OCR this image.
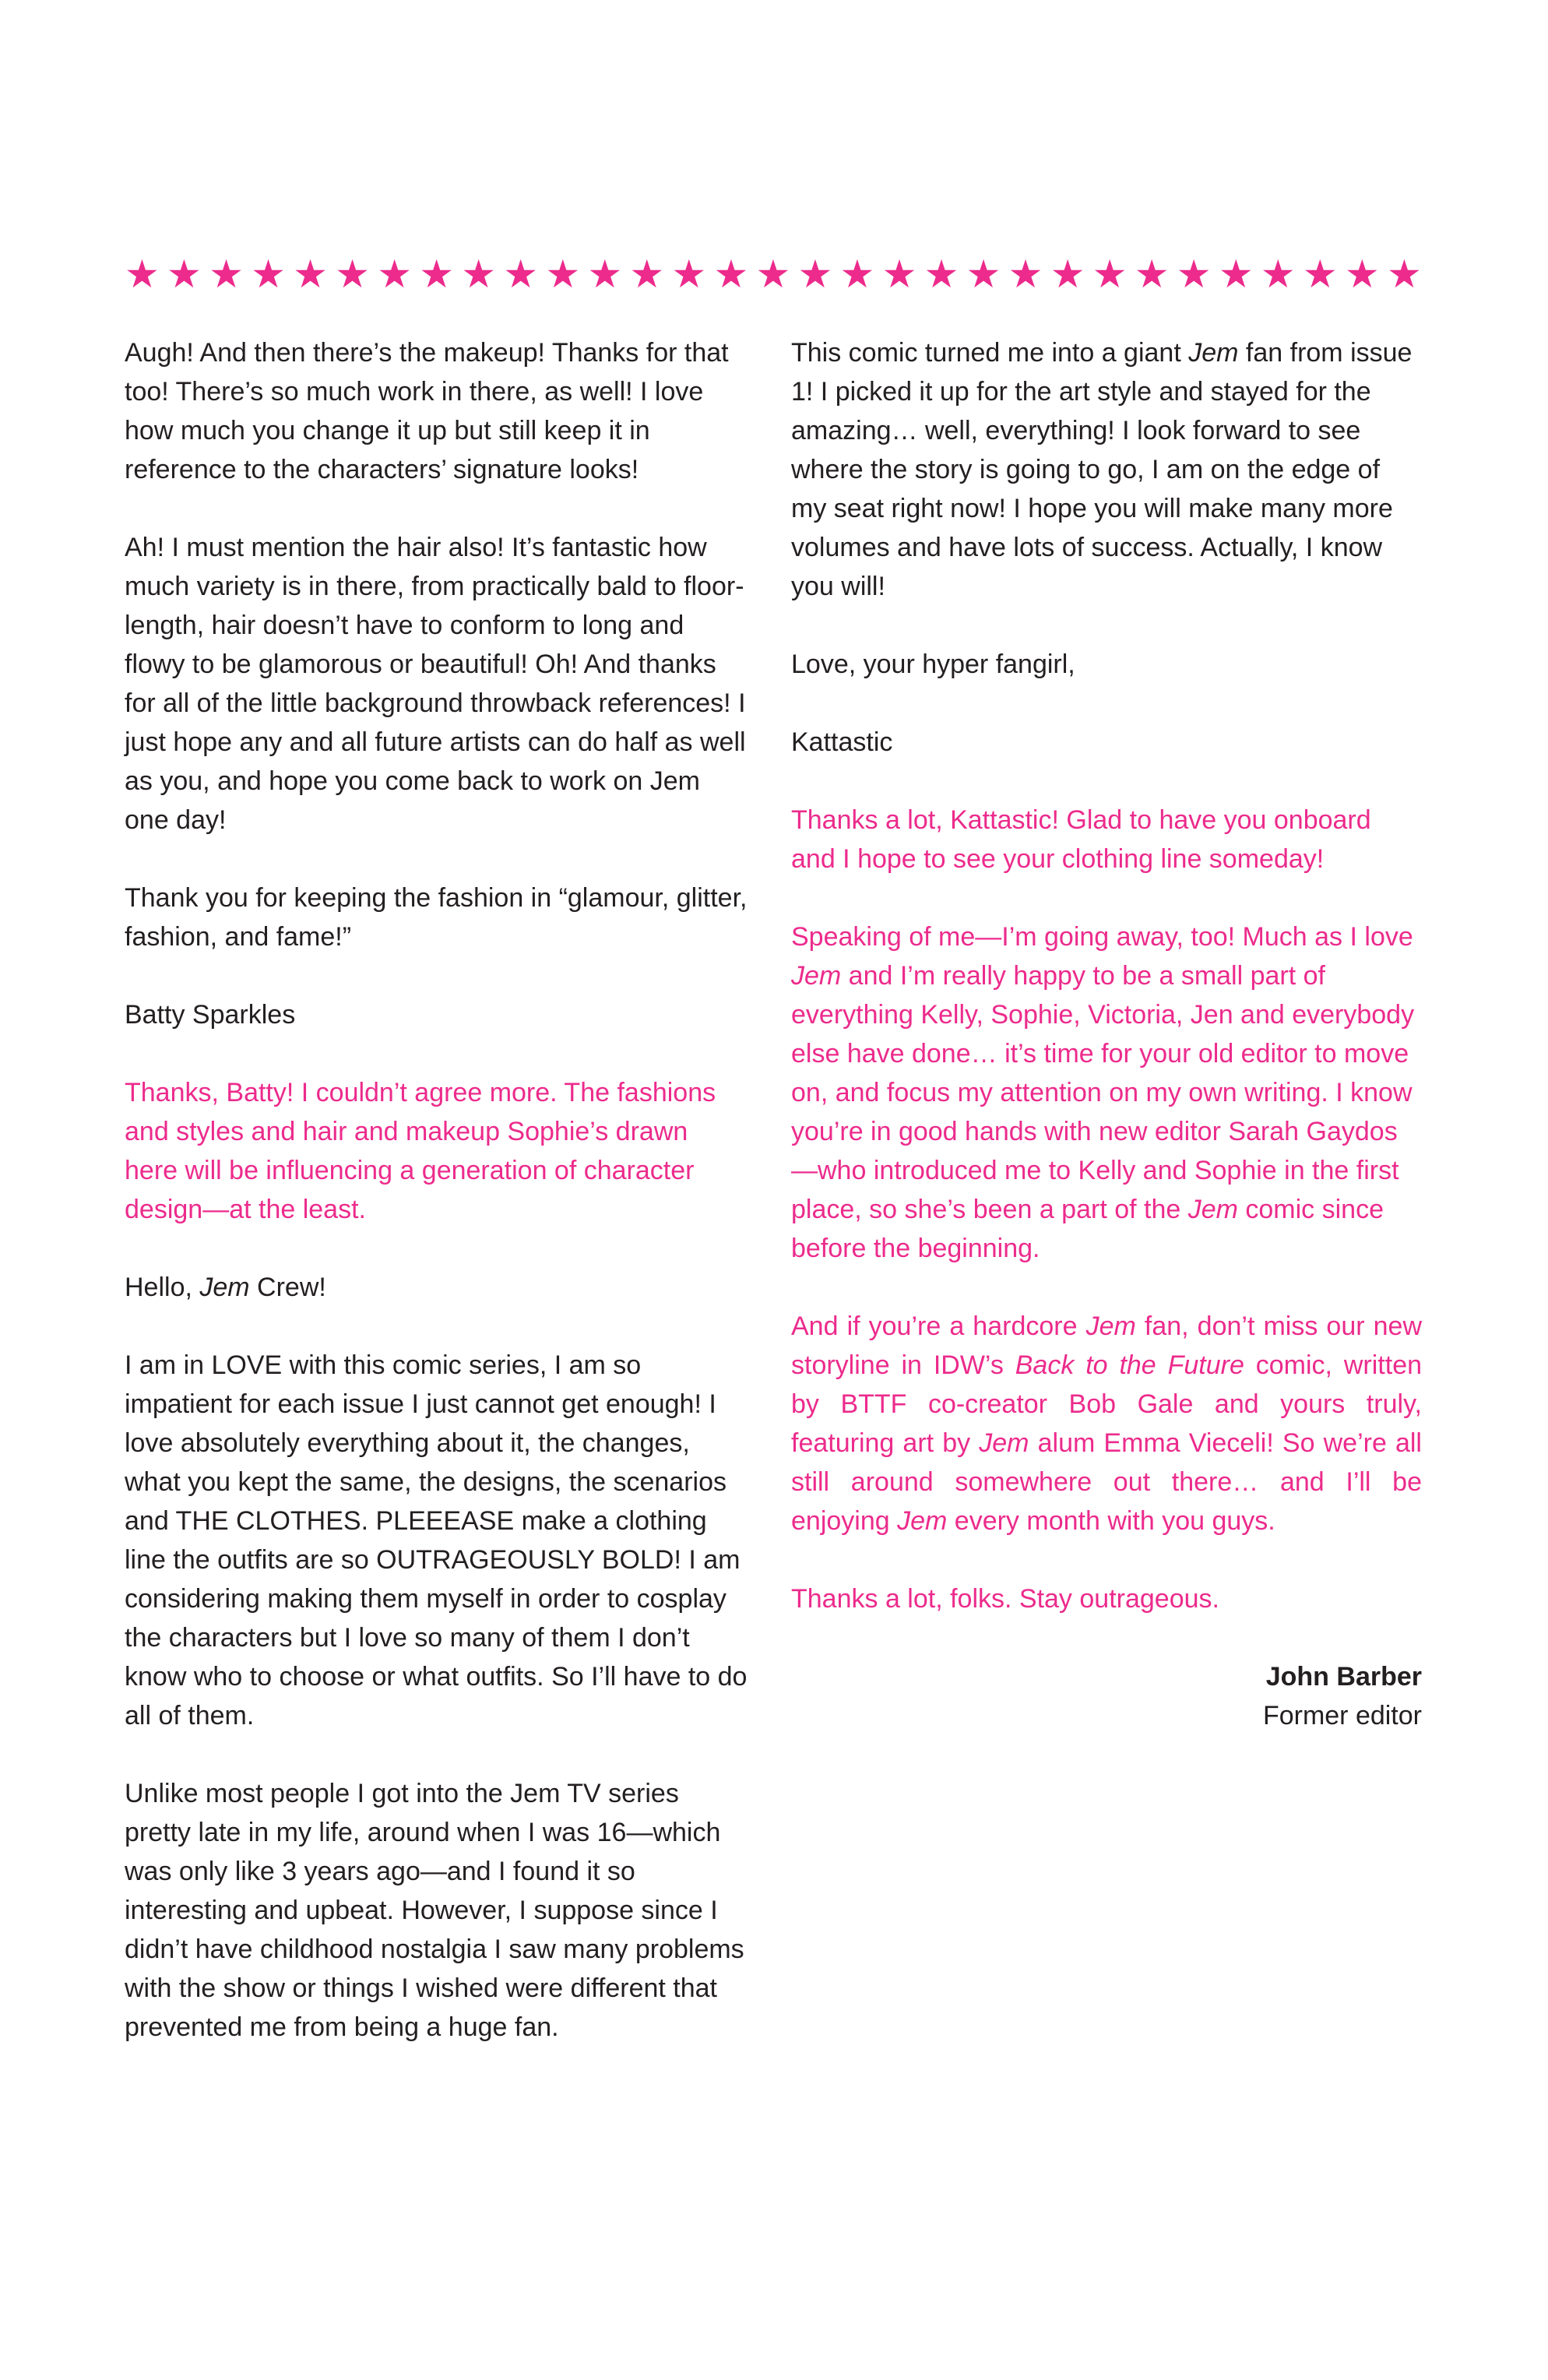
★ ★ ★ ★ ★ ★ ★ ★ ★ ★ ★ ★ ★ ★ ★ ★ ★ ★ ★ ★ ★ ★ ★ ★ ★ ★ ★ ★ ★ ★ ★

Augh! And then there’s the makeup! Thanks for that too! There’s so much work in there, as well! I love how much you change it up but still keep it in reference to the characters’ signature looks!

Ah! I must mention the hair also! It’s fantastic how much variety is in there, from practically bald to floor-length, hair doesn’t have to conform to long and flowy to be glamorous or beautiful! Oh! And thanks for all of the little background throwback references! I just hope any and all future artists can do half as well as you, and hope you come back to work on Jem one day!

Thank you for keeping the fashion in “glamour, glitter, fashion, and fame!”

Batty Sparkles

Thanks, Batty! I couldn’t agree more. The fashions and styles and hair and makeup Sophie’s drawn here will be influencing a generation of character design—at the least.

Hello, Jem Crew!

I am in LOVE with this comic series, I am so impatient for each issue I just cannot get enough! I love absolutely everything about it, the changes, what you kept the same, the designs, the scenarios and THE CLOTHES. PLEEEASE make a clothing line the outfits are so OUTRAGEOUSLY BOLD! I am considering making them myself in order to cosplay the characters but I love so many of them I don’t know who to choose or what outfits. So I’ll have to do all of them.

Unlike most people I got into the Jem TV series pretty late in my life, around when I was 16—which was only like 3 years ago—and I found it so interesting and upbeat. However, I suppose since I didn’t have childhood nostalgia I saw many problems with the show or things I wished were different that prevented me from being a huge fan.

This comic turned me into a giant Jem fan from issue 1! I picked it up for the art style and stayed for the amazing… well, everything! I look forward to see where the story is going to go, I am on the edge of my seat right now! I hope you will make many more volumes and have lots of success. Actually, I know you will!

Love, your hyper fangirl,

Kattastic

Thanks a lot, Kattastic! Glad to have you onboard and I hope to see your clothing line someday!

Speaking of me—I’m going away, too! Much as I love Jem and I’m really happy to be a small part of everything Kelly, Sophie, Victoria, Jen and everybody else have done… it’s time for your old editor to move on, and focus my attention on my own writing. I know you’re in good hands with new editor Sarah Gaydos—who introduced me to Kelly and Sophie in the first place, so she’s been a part of the Jem comic since before the beginning.

And if you’re a hardcore Jem fan, don’t miss our new storyline in IDW’s Back to the Future comic, written by BTTF co-creator Bob Gale and yours truly, featuring art by Jem alum Emma Vieceli! So we’re all still around somewhere out there… and I’ll be enjoying Jem every month with you guys.

Thanks a lot, folks. Stay outrageous.

John Barber
Former editor
